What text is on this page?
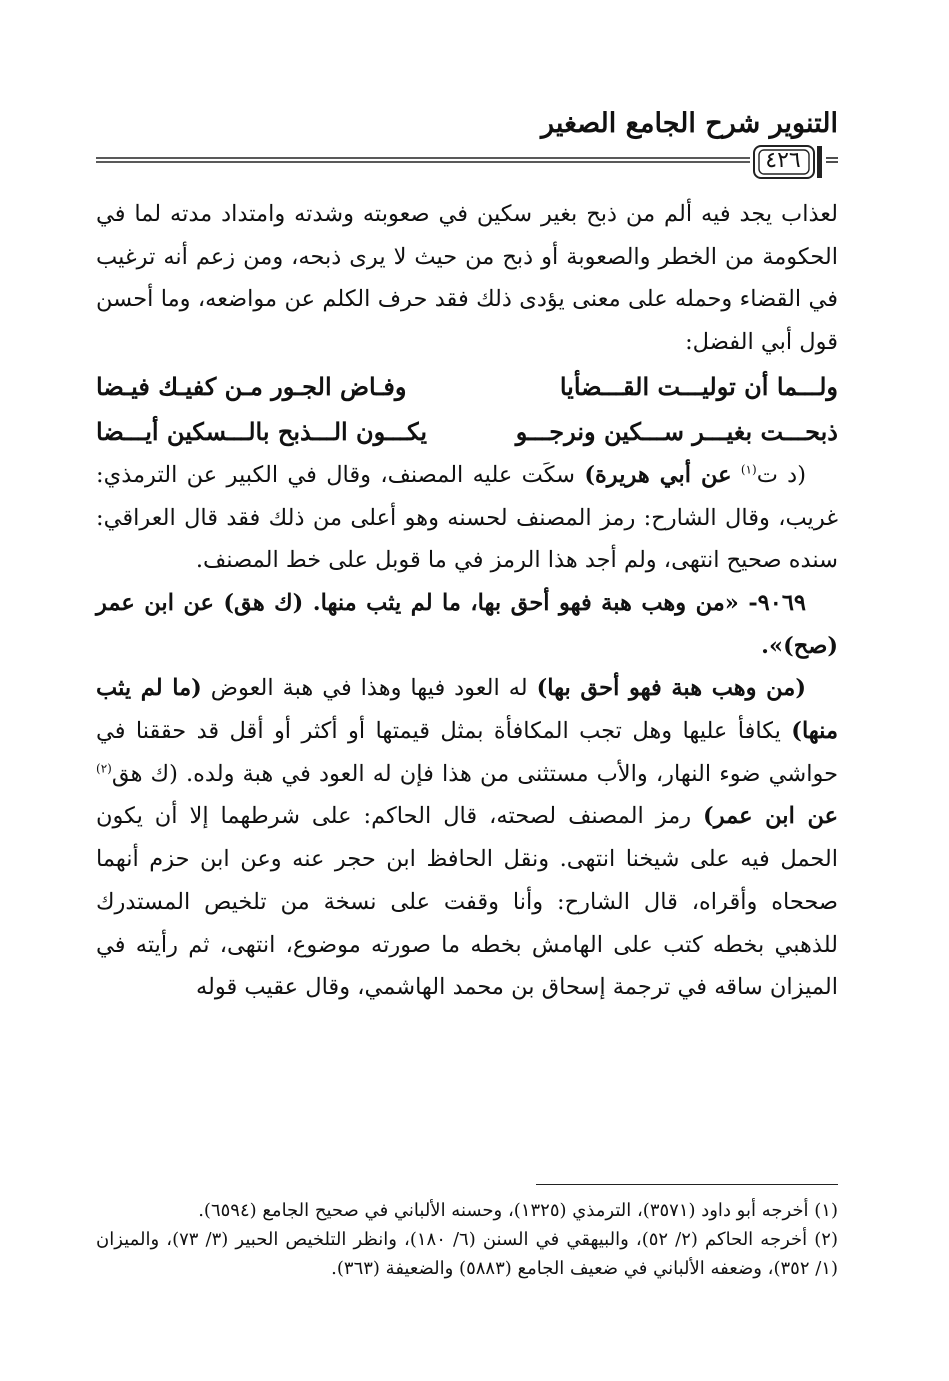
التنوير شرح الجامع الصغير
٤٢٦

لعذاب يجد فيه ألم من ذبح بغير سكين في صعوبته وشدته وامتداد مدته لما في الحكومة من الخطر والصعوبة أو ذبح من حيث لا يرى ذبحه، ومن زعم أنه ترغيب في القضاء وحمله على معنى يؤدى ذلك فقد حرف الكلم عن مواضعه، وما أحسن قول أبي الفضل:

ولـــما أن توليـــت القـــضأيا
وفـاض الجـور مـن كفيـك فيـضا
ذبحـــت بغيـــر ســـكين ونرجـــو
يكـــون الـــذبح بالـــسكين أيـــضا

(د ت$^{(١)}$ عن أبي هريرة) سكَت عليه المصنف، وقال في الكبير عن الترمذي: غريب، وقال الشارح: رمز المصنف لحسنه وهو أعلى من ذلك فقد قال العراقي: سنده صحيح انتهى، ولم أجد هذا الرمز في ما قوبل على خط المصنف.

٩٠٦٩- «من وهب هبة فهو أحق بها، ما لم يثب منها. (ك هق) عن ابن عمر (صح)».

(من وهب هبة فهو أحق بها) له العود فيها وهذا في هبة العوض (ما لم يثب منها) يكافأ عليها وهل تجب المكافأة بمثل قيمتها أو أكثر أو أقل قد حققنا في حواشي ضوء النهار، والأب مستثنى من هذا فإن له العود في هبة ولده. (ك هق$^{(٢)}$ عن ابن عمر) رمز المصنف لصحته، قال الحاكم: على شرطهما إلا أن يكون الحمل فيه على شيخنا انتهى. ونقل الحافظ ابن حجر عنه وعن ابن حزم أنهما صححاه وأقراه، قال الشارح: وأنا وقفت على نسخة من تلخيص المستدرك للذهبي بخطه كتب على الهامش بخطه ما صورته موضوع، انتهى، ثم رأيته في الميزان ساقه في ترجمة إسحاق بن محمد الهاشمي، وقال عقيب قوله

(١) أخرجه أبو داود (٣٥٧١)، الترمذي (١٣٢٥)، وحسنه الألباني في صحيح الجامع (٦٥٩٤).

(٢) أخرجه الحاكم (٢/ ٥٢)، والبيهقي في السنن (٦/ ١٨٠)، وانظر التلخيص الحبير (٣/ ٧٣)، والميزان (١/ ٣٥٢)، وضعفه الألباني في ضعيف الجامع (٥٨٨٣) والضعيفة (٣٦٣).
